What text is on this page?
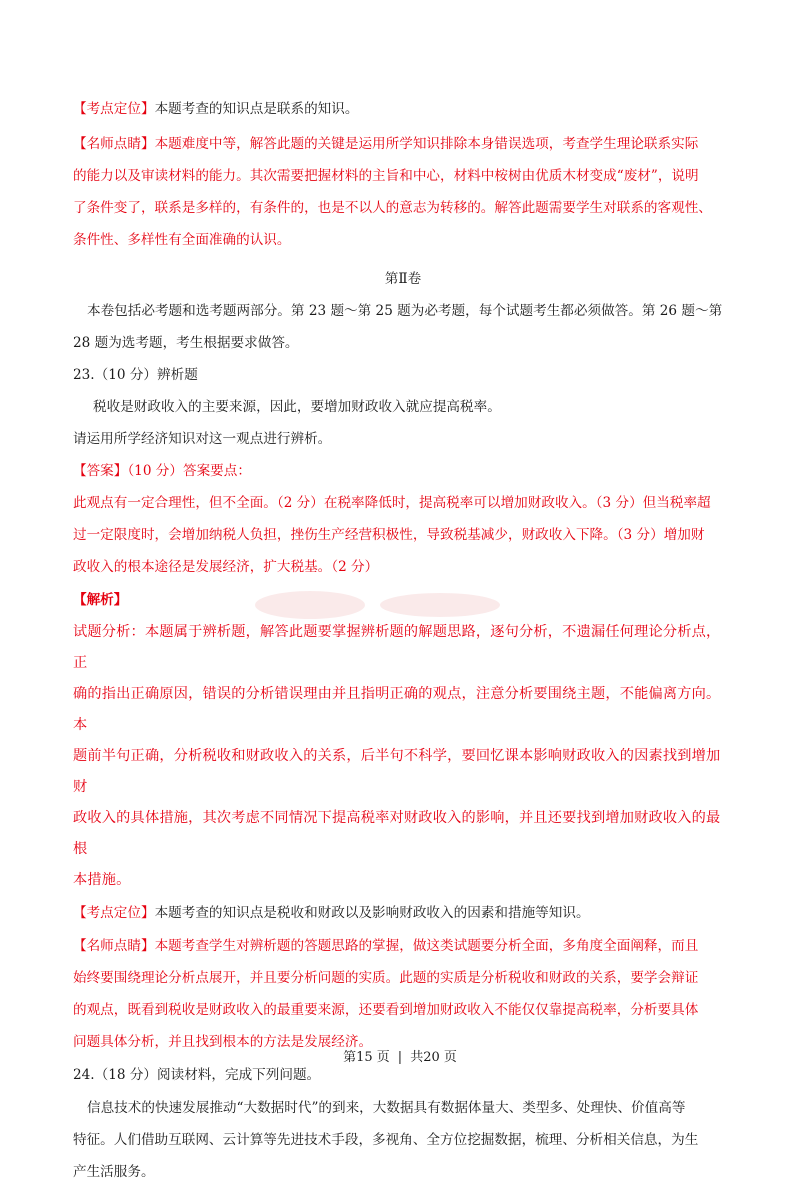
【考点定位】本题考查的知识点是联系的知识。
【名师点睛】本题难度中等，解答此题的关键是运用所学知识排除本身错误选项，考查学生理论联系实际
的能力以及审读材料的能力。其次需要把握材料的主旨和中心，材料中桉树由优质木材变成“废材”，说明
了条件变了，联系是多样的，有条件的，也是不以人的意志为转移的。解答此题需要学生对联系的客观性、
条件性、多样性有全面准确的认识。
第Ⅱ卷
本卷包括必考题和选考题两部分。第 23 题～第 25 题为必考题，每个试题考生都必须做答。第 26 题～第
28 题为选考题，考生根据要求做答。
23.（10 分）辨析题
税收是财政收入的主要来源，因此，要增加财政收入就应提高税率。
请运用所学经济知识对这一观点进行辨析。
【答案】（10 分）答案要点：
此观点有一定合理性，但不全面。（2 分）在税率降低时，提高税率可以增加财政收入。（3 分）但当税率超
过一定限度时，会增加纳税人负担，挫伤生产经营积极性，导致税基减少，财政收入下降。（3 分）增加财
政收入的根本途径是发展经济，扩大税基。（2 分）
【解析】
试题分析：本题属于辨析题，解答此题要掌握辨析题的解题思路，逐句分析，不遗漏任何理论分析点，正
确的指出正确原因，错误的分析错误理由并且指明正确的观点，注意分析要围绕主题，不能偏离方向。本
题前半句正确，分析税收和财政收入的关系，后半句不科学，要回忆课本影响财政收入的因素找到增加财
政收入的具体措施，其次考虑不同情况下提高税率对财政收入的影响，并且还要找到增加财政收入的最根
本措施。
【考点定位】本题考查的知识点是税收和财政以及影响财政收入的因素和措施等知识。
【名师点睛】本题考查学生对辨析题的答题思路的掌握，做这类试题要分析全面，多角度全面阐释，而且
始终要围绕理论分析点展开，并且要分析问题的实质。此题的实质是分析税收和财政的关系，要学会辩证
的观点，既看到税收是财政收入的最重要来源，还要看到增加财政收入不能仅仅靠提高税率，分析要具体
问题具体分析，并且找到根本的方法是发展经济。
24.（18 分）阅读材料，完成下列问题。
信息技术的快速发展推动“大数据时代”的到来，大数据具有数据体量大、类型多、处理快、价值高等
特征。人们借助互联网、云计算等先进技术手段，多视角、全方位挖掘数据，梳理、分析相关信息，为生
产生活服务。
第15 页 | 共20 页
